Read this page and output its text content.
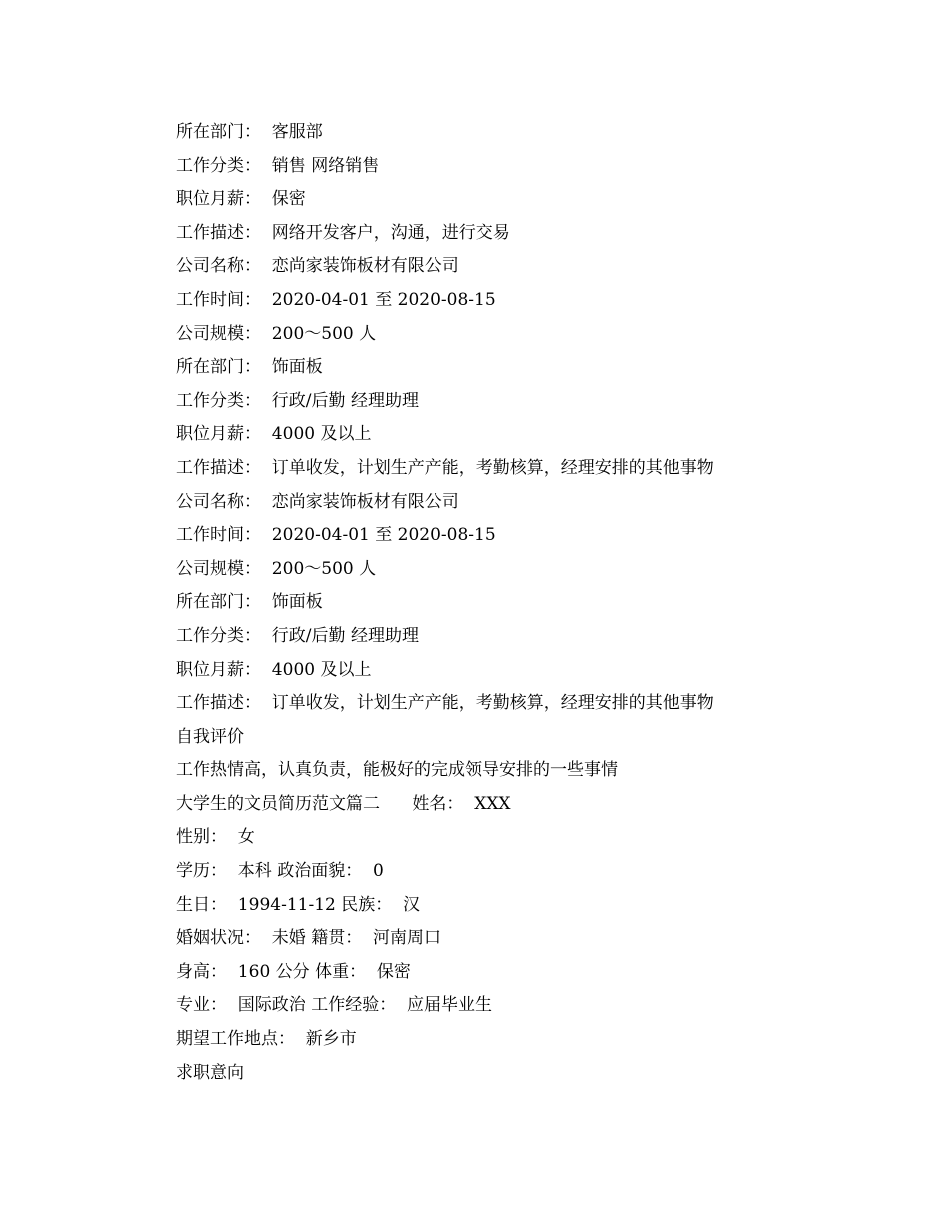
所在部门：  客服部
工作分类：  销售 网络销售
职位月薪：  保密
工作描述：  网络开发客户，沟通，进行交易
公司名称：  恋尚家装饰板材有限公司
工作时间：  2020-04-01 至 2020-08-15
公司规模：  200～500 人
所在部门：  饰面板
工作分类：  行政/后勤 经理助理
职位月薪：  4000 及以上
工作描述：  订单收发，计划生产产能，考勤核算，经理安排的其他事物
公司名称：  恋尚家装饰板材有限公司
工作时间：  2020-04-01 至 2020-08-15
公司规模：  200～500 人
所在部门：  饰面板
工作分类：  行政/后勤 经理助理
职位月薪：  4000 及以上
工作描述：  订单收发，计划生产产能，考勤核算，经理安排的其他事物
自我评价
工作热情高，认真负责，能极好的完成领导安排的一些事情
大学生的文员简历范文篇二      姓名：  XXX
性别：  女
学历：  本科 政治面貌：  0
生日：  1994-11-12 民族：  汉
婚姻状况：  未婚 籍贯：  河南周口
身高：  160 公分 体重：  保密
专业：  国际政治 工作经验：  应届毕业生
期望工作地点：  新乡市
求职意向
